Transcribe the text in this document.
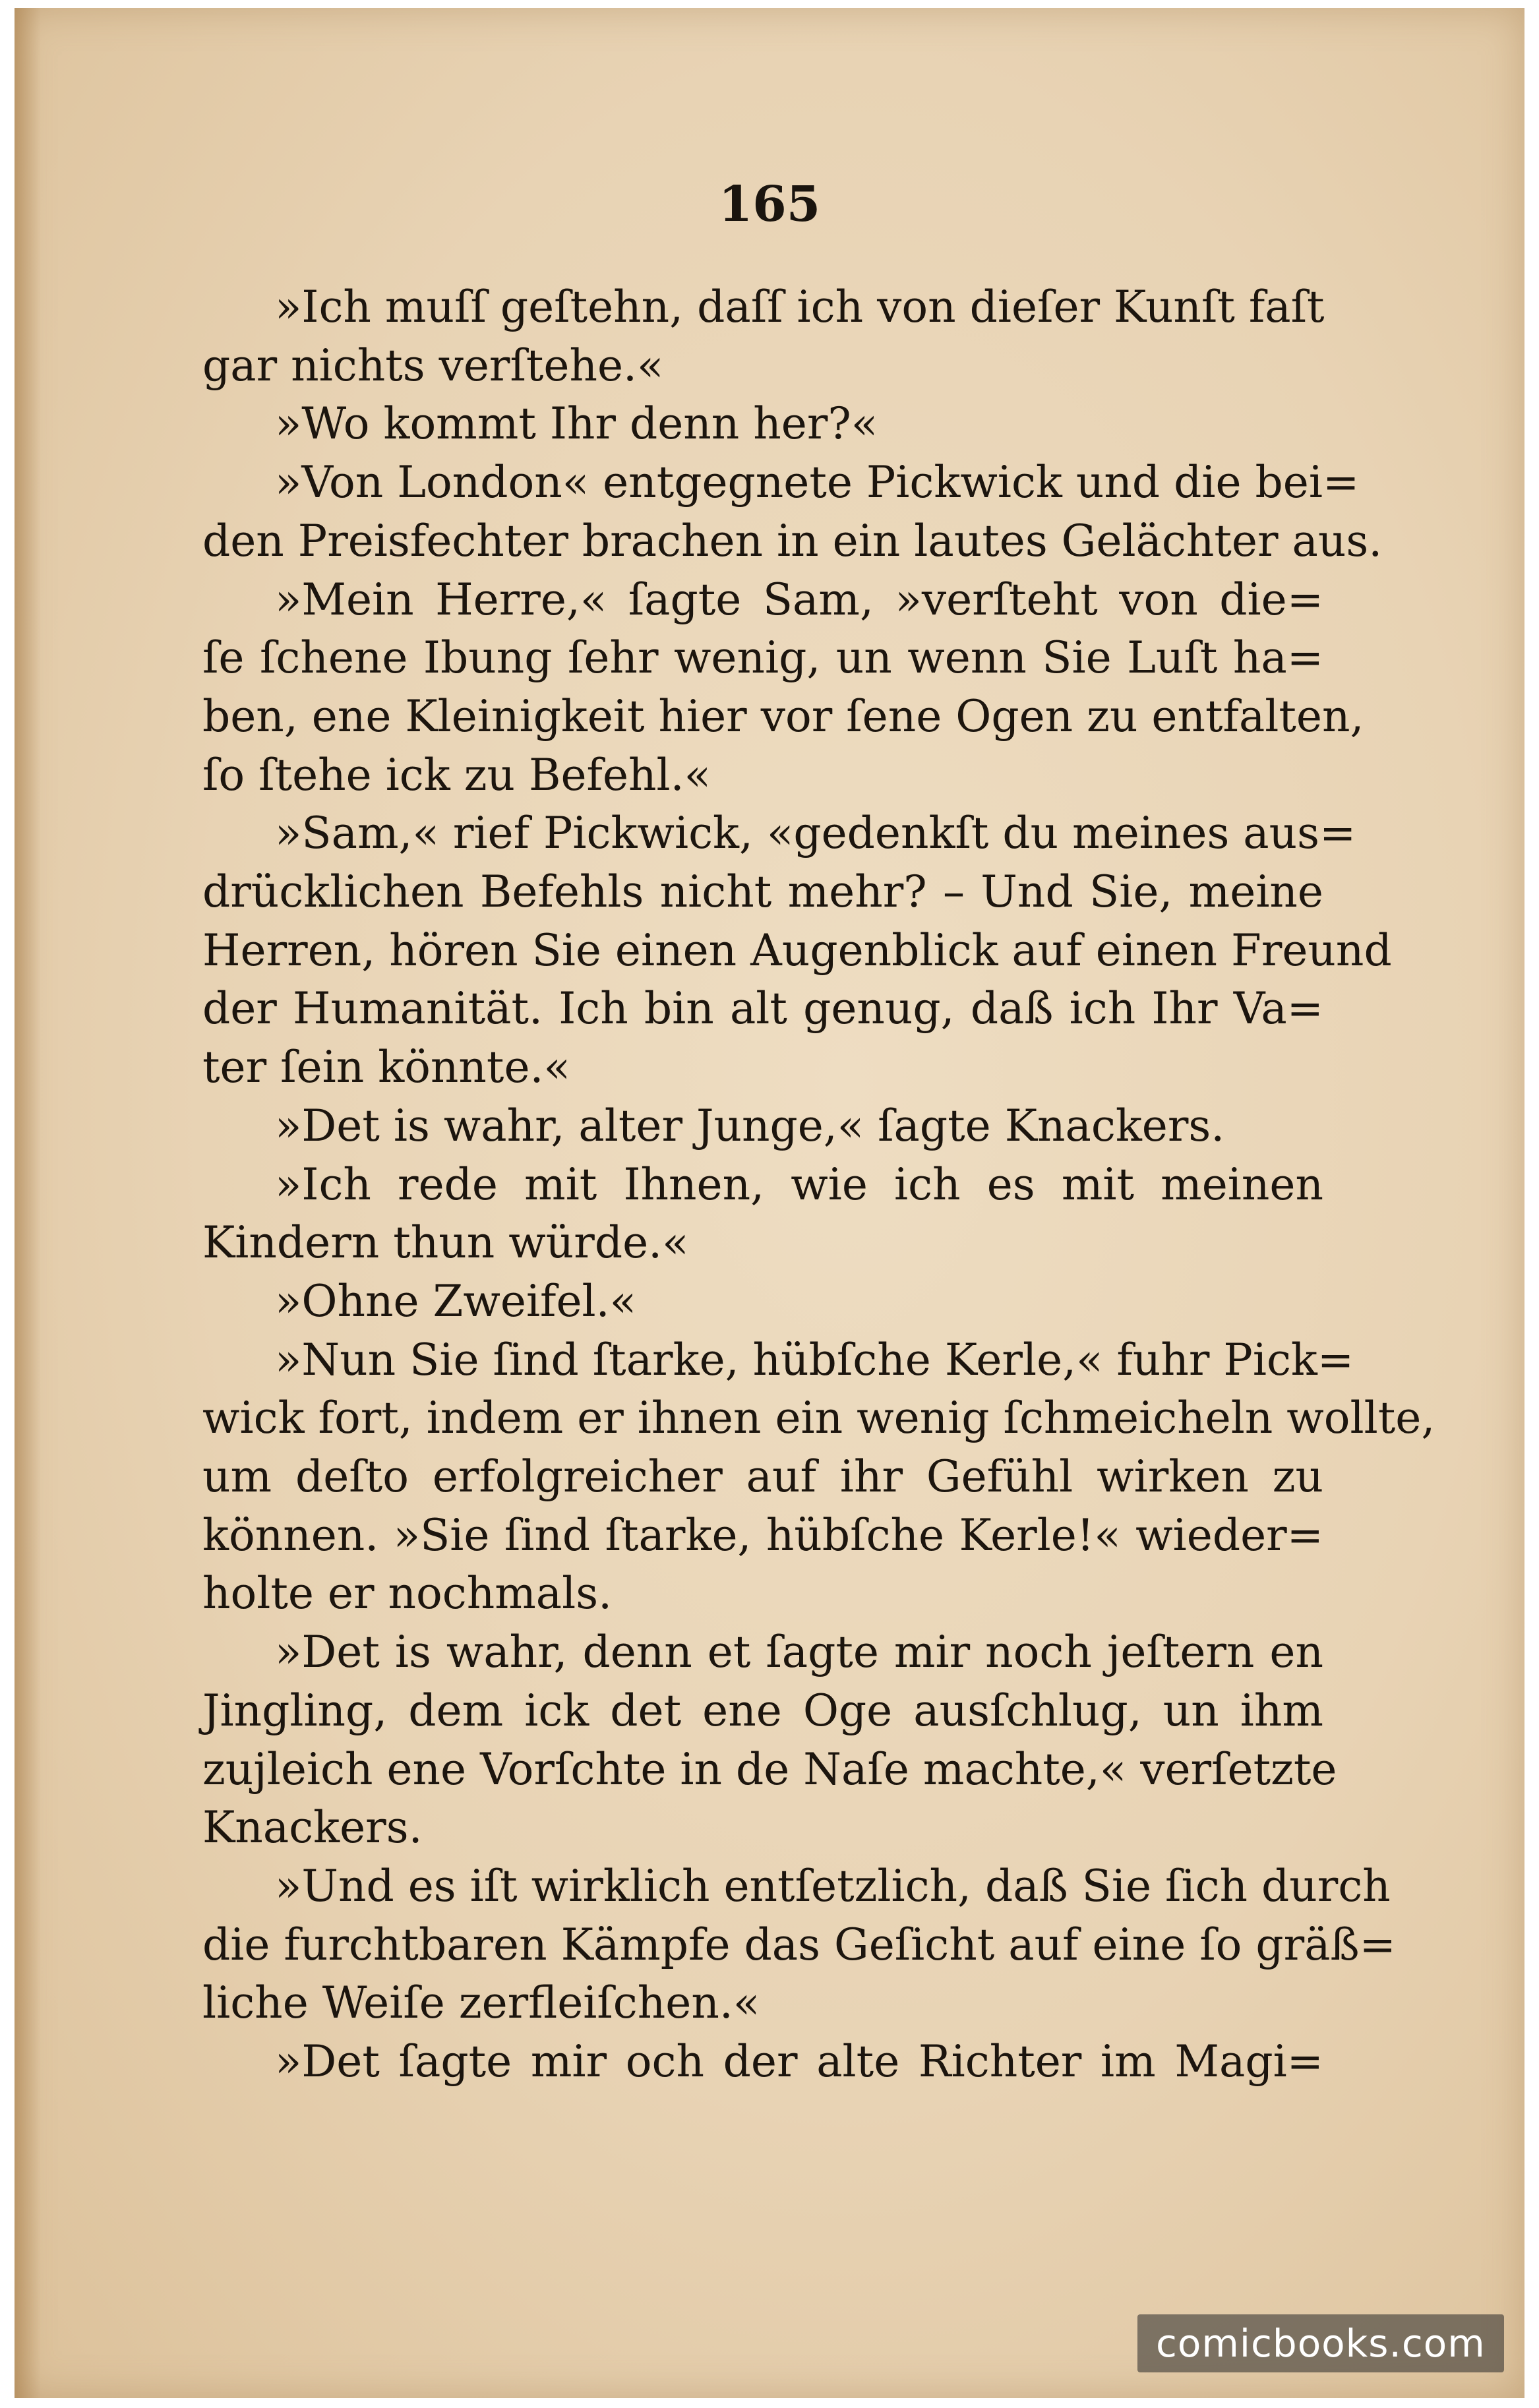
165
»Ich muſſ geſtehn, daſſ ich von dieſer Kunſt faſt
gar nichts verſtehe.«
»Wo kommt Ihr denn her?«
»Von London« entgegnete Pickwick und die bei=
den Preisfechter brachen in ein lautes Gelächter aus.
»Mein Herre,« ſagte Sam, »verſteht von die=
ſe ſchene Ibung ſehr wenig, un wenn Sie Luſt ha=
ben, ene Kleinigkeit hier vor ſene Ogen zu entfalten,
ſo ſtehe ick zu Befehl.«
»Sam,« rief Pickwick, «gedenkſt du meines aus=
drücklichen Befehls nicht mehr? – Und Sie, meine
Herren, hören Sie einen Augenblick auf einen Freund
der Humanität. Ich bin alt genug, daß ich Ihr Va=
ter ſein könnte.«
»Det is wahr, alter Junge,« ſagte Knackers.
»Ich rede mit Ihnen, wie ich es mit meinen
Kindern thun würde.«
»Ohne Zweifel.«
»Nun Sie ſind ſtarke, hübſche Kerle,« fuhr Pick=
wick fort, indem er ihnen ein wenig ſchmeicheln wollte,
um deſto erfolgreicher auf ihr Gefühl wirken zu
können. »Sie ſind ſtarke, hübſche Kerle!« wieder=
holte er nochmals.
»Det is wahr, denn et ſagte mir noch jeſtern en
Jingling, dem ick det ene Oge ausſchlug, un ihm
zujleich ene Vorſchte in de Naſe machte,« verſetzte
Knackers.
»Und es iſt wirklich entſetzlich, daß Sie ſich durch
die furchtbaren Kämpfe das Geſicht auf eine ſo gräß=
liche Weiſe zerfleiſchen.«
»Det ſagte mir och der alte Richter im Magi=
comicbooks.com
